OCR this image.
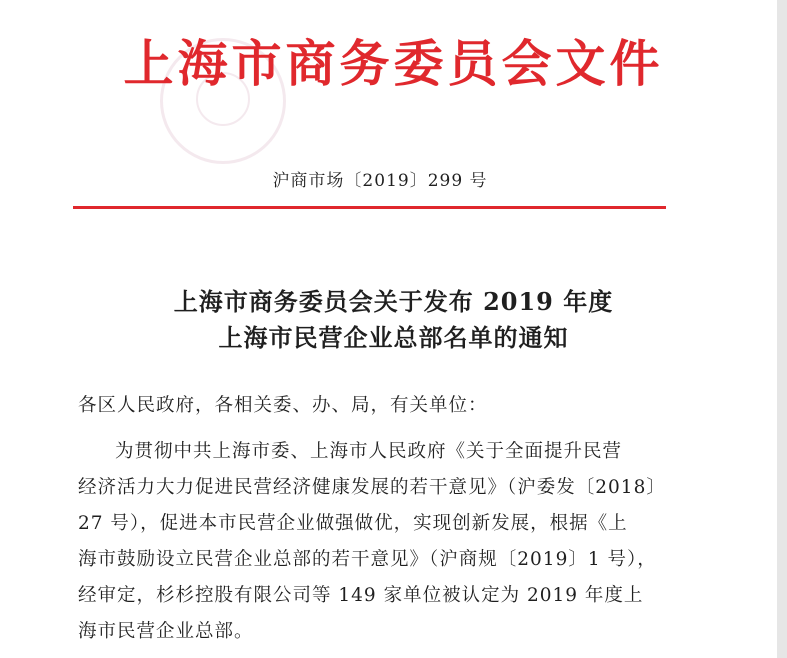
上海市商务委员会文件
沪商市场〔2019〕299 号
上海市商务委员会关于发布 2019 年度
上海市民营企业总部名单的通知
各区人民政府，各相关委、办、局，有关单位：
为贯彻中共上海市委、上海市人民政府《关于全面提升民营
经济活力大力促进民营经济健康发展的若干意见》（沪委发〔2018〕
27 号），促进本市民营企业做强做优，实现创新发展，根据《上
海市鼓励设立民营企业总部的若干意见》（沪商规〔2019〕1 号），
经审定，杉杉控股有限公司等 149 家单位被认定为 2019 年度上
海市民营企业总部。
